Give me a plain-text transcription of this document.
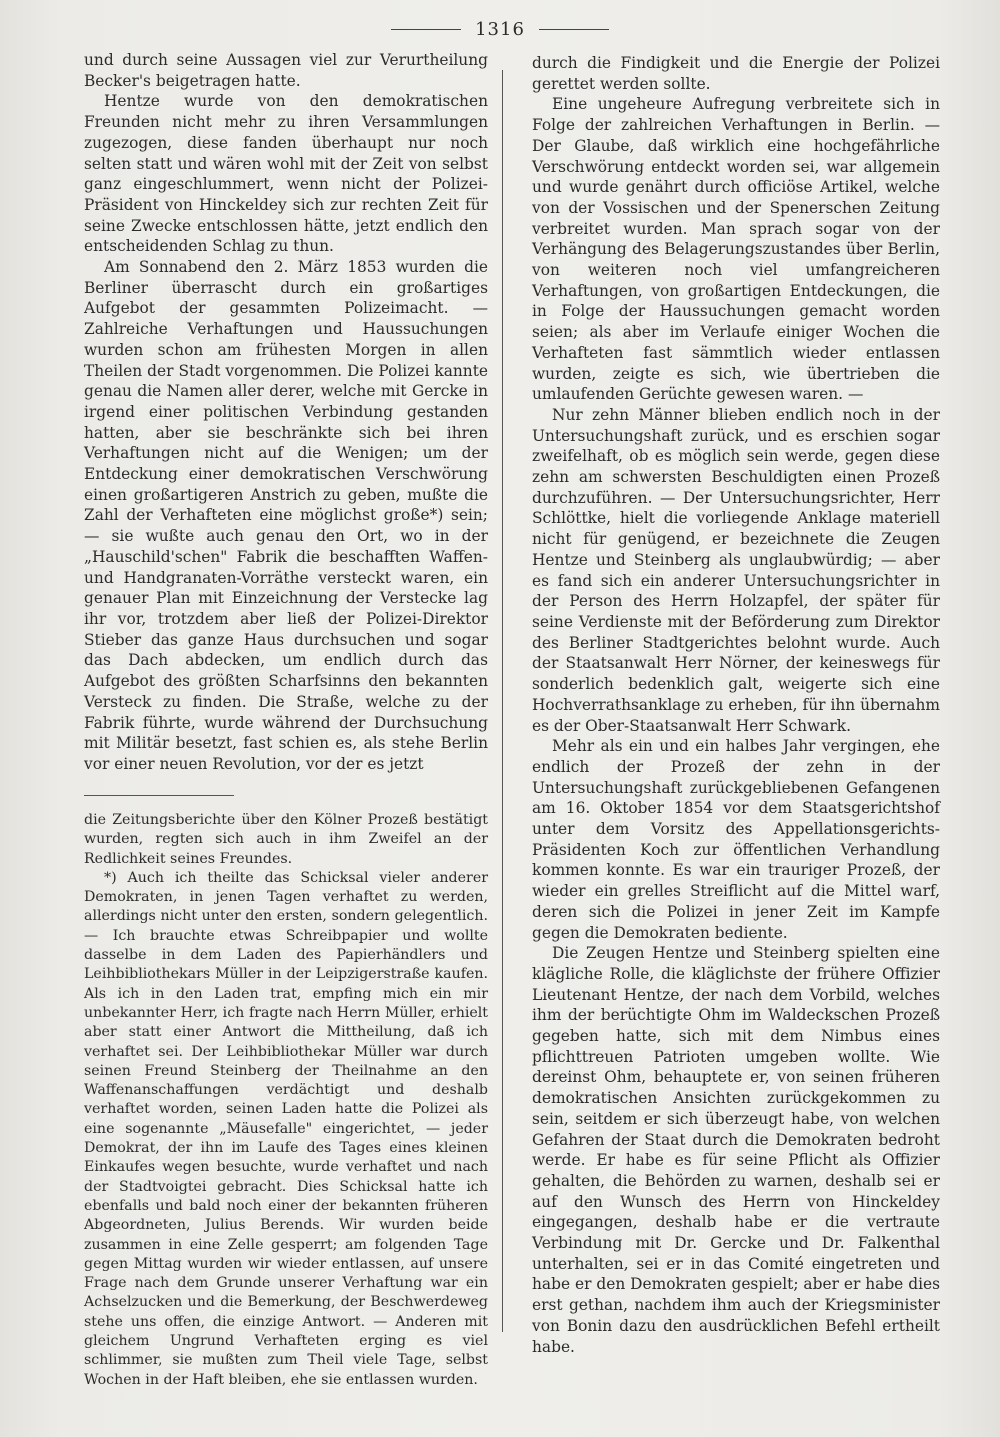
1316

und durch seine Aussagen viel zur Verurtheilung Becker's beigetragen hatte.

Hentze wurde von den demokratischen Freunden nicht mehr zu ihren Versammlungen zugezogen, diese fanden überhaupt nur noch selten statt und wären wohl mit der Zeit von selbst ganz eingeschlummert, wenn nicht der Polizei-Präsident von Hinckeldey sich zur rechten Zeit für seine Zwecke entschlossen hätte, jetzt endlich den entscheidenden Schlag zu thun.

Am Sonnabend den 2. März 1853 wurden die Berliner überrascht durch ein großartiges Aufgebot der gesammten Polizeimacht. — Zahlreiche Verhaftungen und Haussuchungen wurden schon am frühesten Morgen in allen Theilen der Stadt vorgenommen. Die Polizei kannte genau die Namen aller derer, welche mit Gercke in irgend einer politischen Verbindung gestanden hatten, aber sie beschränkte sich bei ihren Verhaftungen nicht auf die Wenigen; um der Entdeckung einer demokratischen Verschwörung einen großartigeren Anstrich zu geben, mußte die Zahl der Verhafteten eine möglichst große*) sein; — sie wußte auch genau den Ort, wo in der „Hauschild'schen" Fabrik die beschafften Waffen- und Handgranaten-Vorräthe versteckt waren, ein genauer Plan mit Einzeichnung der Verstecke lag ihr vor, trotzdem aber ließ der Polizei-Direktor Stieber das ganze Haus durchsuchen und sogar das Dach abdecken, um endlich durch das Aufgebot des größten Scharfsinns den bekannten Versteck zu finden. Die Straße, welche zu der Fabrik führte, wurde während der Durchsuchung mit Militär besetzt, fast schien es, als stehe Berlin vor einer neuen Revolution, vor der es jetzt

die Zeitungsberichte über den Kölner Prozeß bestätigt wurden, regten sich auch in ihm Zweifel an der Redlichkeit seines Freundes.

*) Auch ich theilte das Schicksal vieler anderer Demokraten, in jenen Tagen verhaftet zu werden, allerdings nicht unter den ersten, sondern gelegentlich. — Ich brauchte etwas Schreibpapier und wollte dasselbe in dem Laden des Papierhändlers und Leihbibliothekars Müller in der Leipzigerstraße kaufen. Als ich in den Laden trat, empfing mich ein mir unbekannter Herr, ich fragte nach Herrn Müller, erhielt aber statt einer Antwort die Mittheilung, daß ich verhaftet sei. Der Leihbibliothekar Müller war durch seinen Freund Steinberg der Theilnahme an den Waffenanschaffungen verdächtigt und deshalb verhaftet worden, seinen Laden hatte die Polizei als eine sogenannte „Mäusefalle" eingerichtet, — jeder Demokrat, der ihn im Laufe des Tages eines kleinen Einkaufes wegen besuchte, wurde verhaftet und nach der Stadtvoigtei gebracht. Dies Schicksal hatte ich ebenfalls und bald noch einer der bekannten früheren Abgeordneten, Julius Berends. Wir wurden beide zusammen in eine Zelle gesperrt; am folgenden Tage gegen Mittag wurden wir wieder entlassen, auf unsere Frage nach dem Grunde unserer Verhaftung war ein Achselzucken und die Bemerkung, der Beschwerdeweg stehe uns offen, die einzige Antwort. — Anderen mit gleichem Ungrund Verhafteten erging es viel schlimmer, sie mußten zum Theil viele Tage, selbst Wochen in der Haft bleiben, ehe sie entlassen wurden.

durch die Findigkeit und die Energie der Polizei gerettet werden sollte.

Eine ungeheure Aufregung verbreitete sich in Folge der zahlreichen Verhaftungen in Berlin. — Der Glaube, daß wirklich eine hochgefährliche Verschwörung entdeckt worden sei, war allgemein und wurde genährt durch officiöse Artikel, welche von der Vossischen und der Spenerschen Zeitung verbreitet wurden. Man sprach sogar von der Verhängung des Belagerungszustandes über Berlin, von weiteren noch viel umfangreicheren Verhaftungen, von großartigen Entdeckungen, die in Folge der Haussuchungen gemacht worden seien; als aber im Verlaufe einiger Wochen die Verhafteten fast sämmtlich wieder entlassen wurden, zeigte es sich, wie übertrieben die umlaufenden Gerüchte gewesen waren. —

Nur zehn Männer blieben endlich noch in der Untersuchungshaft zurück, und es erschien sogar zweifelhaft, ob es möglich sein werde, gegen diese zehn am schwersten Beschuldigten einen Prozeß durchzuführen. — Der Untersuchungsrichter, Herr Schlöttke, hielt die vorliegende Anklage materiell nicht für genügend, er bezeichnete die Zeugen Hentze und Steinberg als unglaubwürdig; — aber es fand sich ein anderer Untersuchungsrichter in der Person des Herrn Holzapfel, der später für seine Verdienste mit der Beförderung zum Direktor des Berliner Stadtgerichtes belohnt wurde. Auch der Staatsanwalt Herr Nörner, der keineswegs für sonderlich bedenklich galt, weigerte sich eine Hochverrathsanklage zu erheben, für ihn übernahm es der Ober-Staatsanwalt Herr Schwark.

Mehr als ein und ein halbes Jahr vergingen, ehe endlich der Prozeß der zehn in der Untersuchungshaft zurückgebliebenen Gefangenen am 16. Oktober 1854 vor dem Staatsgerichtshof unter dem Vorsitz des Appellationsgerichts-Präsidenten Koch zur öffentlichen Verhandlung kommen konnte. Es war ein trauriger Prozeß, der wieder ein grelles Streiflicht auf die Mittel warf, deren sich die Polizei in jener Zeit im Kampfe gegen die Demokraten bediente.

Die Zeugen Hentze und Steinberg spielten eine klägliche Rolle, die kläglichste der frühere Offizier Lieutenant Hentze, der nach dem Vorbild, welches ihm der berüchtigte Ohm im Waldeckschen Prozeß gegeben hatte, sich mit dem Nimbus eines pflichttreuen Patrioten umgeben wollte. Wie dereinst Ohm, behauptete er, von seinen früheren demokratischen Ansichten zurückgekommen zu sein, seitdem er sich überzeugt habe, von welchen Gefahren der Staat durch die Demokraten bedroht werde. Er habe es für seine Pflicht als Offizier gehalten, die Behörden zu warnen, deshalb sei er auf den Wunsch des Herrn von Hinckeldey eingegangen, deshalb habe er die vertraute Verbindung mit Dr. Gercke und Dr. Falkenthal unterhalten, sei er in das Comité eingetreten und habe er den Demokraten gespielt; aber er habe dies erst gethan, nachdem ihm auch der Kriegsminister von Bonin dazu den ausdrücklichen Befehl ertheilt habe.
